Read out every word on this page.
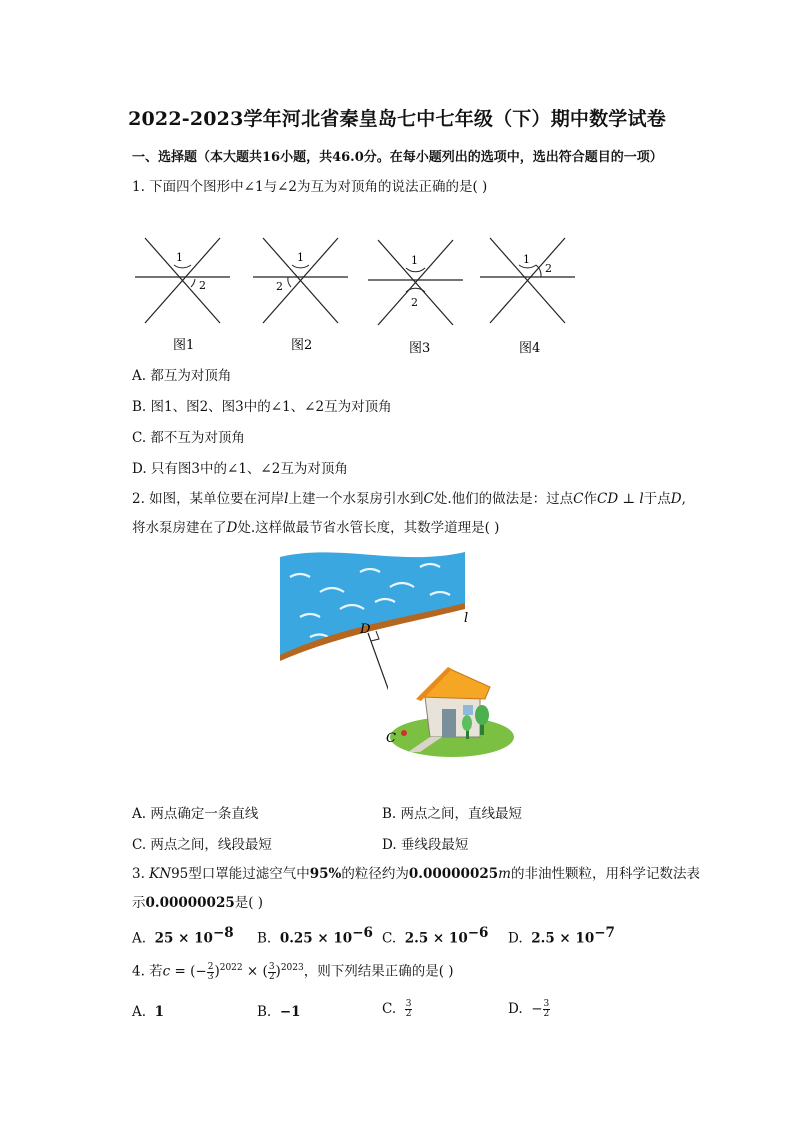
2022-2023学年河北省秦皇岛七中七年级（下）期中数学试卷
一、选择题（本大题共16小题，共46.0分。在每小题列出的选项中，选出符合题目的一项）
1. 下面四个图形中∠1与∠2为互为对顶角的说法正确的是( )
1
2
1
2
1
2
1
2
图1	图2	图3	图4
A. 都互为对顶角
B. 图1、图2、图3中的∠1、∠2互为对顶角
C. 都不互为对顶角
D. 只有图3中的∠1、∠2互为对顶角
2. 如图，某单位要在河岸l上建一个水泵房引水到C处.他们的做法是：过点C作CD ⊥ l于点D,
将水泵房建在了D处.这样做最节省水管长度，其数学道理是( )
D
l
C
A. 两点确定一条直线	B. 两点之间，直线最短
C. 两点之间，线段最短	D. 垂线段最短
3. KN95型口罩能过滤空气中95%的粒径约为0.00000025m的非油性颗粒，用科学记数法表
示0.00000025是( )
A. $25 \times 10^{-8}$ B. $0.25 \times 10^{-6}$ C. $2.5 \times 10^{-6}$ D. $2.5 \times 10^{-7}$
4. 若c = (− $\frac{2}{3} )^{2022}$ × ( $\frac{3}{2} )^{2023}$，则下列结果正确的是( )
A. 1	B. −1	C. $\frac{3}{2}$	D. − $\frac{3}{2}$
